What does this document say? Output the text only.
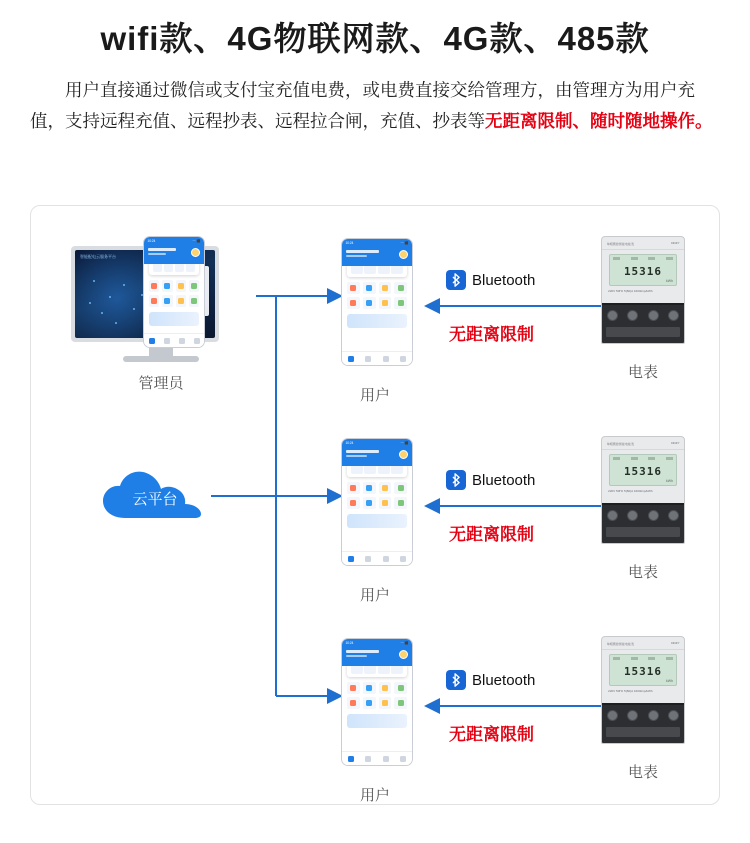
wifi款、4G物联网款、4G款、485款
用户直接通过微信或支付宝充值电费，或电费直接交给管理方，由管理方为用户充值，支持远程充值、远程抄表、远程拉合闸，充值、抄表等无距离限制、随时随地操作。
智能配电云服务平台
管理员
10:24	··· ⬛
云平台
10:24	··· ⬛
用户
Bluetooth
无距离限制
单相费控智能电能表	DDZY
15316
kWh
220V 50Hz 5(60)A 1600imp/kWh
电表
10:24	··· ⬛
用户
Bluetooth
无距离限制
单相费控智能电能表	DDZY
15316
kWh
220V 50Hz 5(60)A 1600imp/kWh
电表
10:24	··· ⬛
用户
Bluetooth
无距离限制
单相费控智能电能表	DDZY
15316
kWh
220V 50Hz 5(60)A 1600imp/kWh
电表
